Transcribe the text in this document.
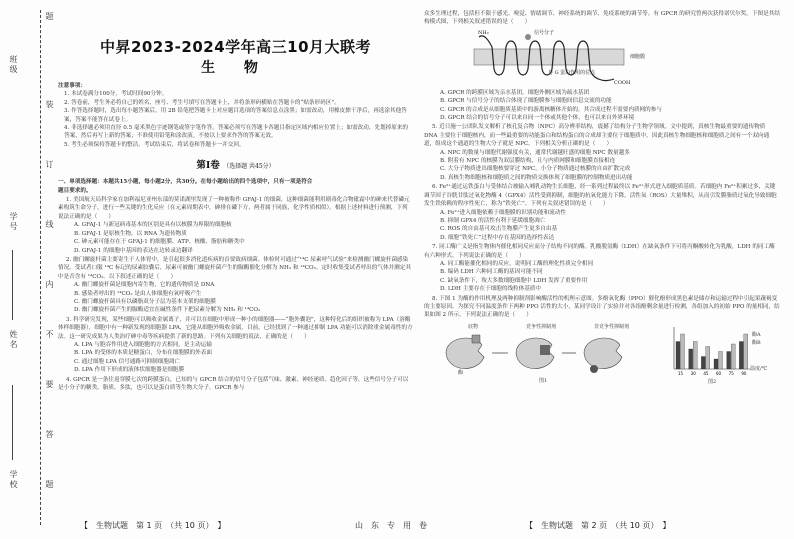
学校
姓名
学号
题
装
订
线
内
不
要
答
题
班级
中昇2023-2024学年高三10月大联考
生 物
注意事项：

1. 本试卷满分100分，考试时间90分钟。

2. 答卷前，考生务必将自己的姓名、座号、考生号填写在答题卡上，并将条形码横贴在答题卡的“贴条形码区”。

3. 作答选择题时，选出每小题答案后，用 2B 铅笔把答题卡上对应题目选项的答案信息点涂黑；如需改动，用橡皮擦干净后，再选涂其他答案，答案不能答在试卷上。

4. 非选择题必须用直径 0.5 毫米黑色字迹钢笔或签字笔作答。答案必须写在答题卡各题目指定区域内相应位置上；如需改动，先划掉原来的答案，然后再写上新的答案；不准使用铅笔和涂改液。不按以上要求作答的答案无效。

5. 考生必须保持答题卡的整洁。考试结束后，将试卷和答题卡一并交回。

第Ⅰ卷 （选择题 共45分）
一、单项选择题：本题共15小题，每小题2分，共30分。在每小题给出的四个选项中，只有一项是符合
题目要求的。
1. 美国航天局科学家在加利福尼亚州东部的莫诺湖里发现了一种被称作 GFAJ-1 的细菌，这种细菌能利用剧毒化合物砒霜中的砷来代替磷元素构筑生命分子，进行一些关键的生化反应（在元素周期表中，砷排在磷下方，两者属于同族，化学性质相似）。根据上述材料进行预测，下列说法正确的是（　　）
A. GFAJ-1 与新冠病毒基本的区别是具有以核膜为界限的细胞核
B. GFAJ-1 是原核生物，以 RNA 为遗传物质
C. 砷元素可能存在于 GFAJ-1 的细胞膜、ATP、核酸、脂肪和糖类中
D. GFAJ-1 的细胞中基因的表达在边转录边翻译
2. 幽门螺旋杆菌主要寄生于人体胃中，是引起很多消化道疾病的首要致病细菌。体检时可通过“¹⁴C 尿素呼气试验”来检测幽门螺旋杆菌感染情况。受试者口服 ¹⁴C 标记的尿素胶囊后，尿素可被幽门螺旋杆菌产生的脲酶催化分解为 NH₃ 和 ¹⁴CO₂。定时收集受试者呼出的气体并测定其中是否含有 ¹⁴CO₂。以下叙述正确的是（　　）
A. 幽门螺旋杆菌是细胞内寄生物，它的遗传物质是 DNA
B. 感染者呼出的 ¹⁴CO₂ 是由人体细胞有氧呼吸产生
C. 幽门螺旋杆菌具有以磷脂双分子层为基本支架的细胞膜
D. 幽门螺旋杆菌产生的脲酶适宜在碱性条件下把尿素分解为 NH₃ 和 ¹⁴CO₂
3. 科学研究发现，某些细胞可以吸收金属离子，并可以在细胞中形成一种小的细胞器——“胞外囊泡”，这种特化后的组织被称为 LPA（溶酶体样细胞器），细胞中有一种新发现的细胞器 LPA，它能从细胞外吸收金属，目前，已经找到了一种通过抑制 LPA 功能可以消除重金属毒性的方法。这一研究成果为人类治疗砷中毒等疾病提供了新的思路。下列有关细胞的说法，正确的是（　　）
A. LPA 与胞吞作用进入细胞胞的方式相同，是主动运输
B. LPA 的受体的本质是糖蛋白，分布在细胞膜的外表面
C. 通过细胞 LPA 信号通路可抑制细胞凋亡
D. LPA 作用下形成的液体状细胞器是细胞膜
4. GPCR 是一条往返穿膜七次的跨膜蛋白，已知的与 GPCR 结合的信号分子包括气味、激素、神经递质、趋化因子等，这些信号分子可以是小分子的糖类、脂质、多肽，也可以是蛋白质等生物大分子。GPCR 参与
众多生理过程，包括但不限于感光、嗅觉、情绪调节、神经系统的调节、免疫系统的调节等。有 GPCR 的研究曾两次获得诺贝尔奖。下图是其结构模式图，下列相关叙述错误的是（　　）
NH₂	信号分子
细胞膜
与 G 蛋白作用的位点
COOH
A. GPCR 的跨膜区域为亲水基团，细胞外侧区域为疏水基团
B. GPCR 与信号分子的结合体现了细胞膜参与细胞间信息交流的功能
C. GPCR 的合成是从细胞质基质中的游离核糖体开始的，其合成过程不需要内质网的参与
D. GPCR 结合的信号分子可以来自同一个体或其他个体，也可以来自外界环境
5. 近日施一公团队发文解析了核孔复合物（NPC）高分辨率结构，震撼了结构分子生物学领域。文中提到，真核生物最重要的遗传物质 DNA 主要位于细胞核内，而一些最重要的功能蛋白和结构蛋白的合成却主要位于细胞质中，因此真核生物细胞核和细胞质之间有一个双向通道，组成这个通道的生物大分子就是 NPC。下列相关分析正确的是（　　）
A. NPC 的数量与细胞代谢强度有关，通常代谢越旺盛的细胞 NPC 数量越多
B. 附着有 NPC 的核膜为双层膜结构，且与内质网膜和细胞膜直接相连
C. 大分子物质进出细胞核要穿过 NPC，小分子物质通过核膜的自由扩散完成
D. 真核生物细胞核和细胞质之间的物质交换体现了细胞膜的控制物质进出功能
6. Fe²⁺通过运铁蛋白与受体结合被输入哺乳动物生长细胞，经一系列过程最终以 Fe²⁺形式进入细胞质基质。若细胞内 Fe²⁺积累过多，关键调节因子谷胱甘肽过氧化物酶 4（GPX4）活性受到抑制，细胞的抗氧化能力下降，活性氧（ROS）大量堆积，从而引发膜脂质过氧化导致细胞发生铁依赖的程序性死亡，称为“铁死亡”。下列有关叙述错误的是（　　）
A. Fe²⁺进入细胞依赖于细胞膜的识别功能和流动性
B. 抑制 GPX4 的活性有利于延缓细胞凋亡
C. ROS 的自由基可攻击生物膜产生更多自由基
D. 细胞“铁死亡”过程中存在基因的选择性表达
7. 同工酶广义是指生物体内催化相同反应而分子结构不同的酶。乳酸脱氢酶（LDH）在缺氧条件下可将丙酮酸转化为乳酸，LDH 的同工酶有六种形式。下列说法正确的是（　　）
A. 同工酶能催化相同的反应，说明同工酶的理化性质完全相同
B. 编码 LDH 六种同工酶的基因可能不同
C. 缺氧条件下，羧大多数细胞细胞中 LDH 发挥了重要作用
D. LDH 主要存在于细胞的线粒体基质中
8. 下图 1 为酶的作用机理及两种抑制剂影响酶活性的机理示意图。多酚氧化酶（PPO）催化酚形成黑色素是储存和运输过程中引起果蔬褐变的主要原因。为探究不同温度条件下两种 PPO 活性的大小，某同学设计了实验并对各组酚剩余量进行检测，各组加入的初始 PPO 的量相同，结果如图 2 所示。下列说法正确的是（　　）
底物	竞争性抑制剂	非竞争性抑制剂
酶
图1
15 30 45 60 75 90
温度/℃
酶A
酶B
图2
【　生物试题　第 1 页　（共 10 页）　】	山　东　专　用　卷	【　生物试题　第 2 页　（共 10 页）　】
